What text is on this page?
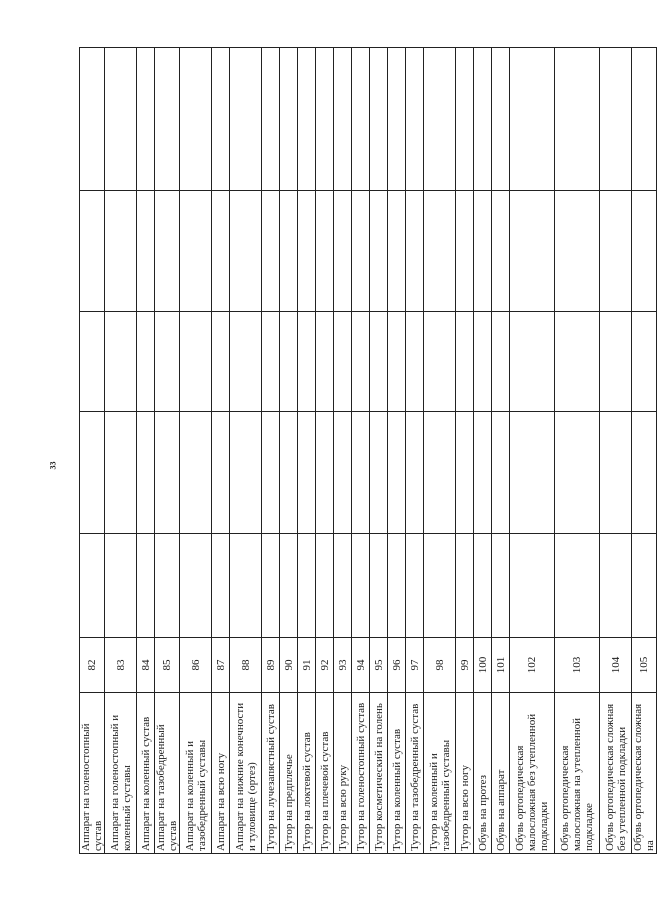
33
Аппарат на голеностопный сустав	82					
Аппарат на голеностопный и коленный суставы	83					
Аппарат на коленный сустав	84					
Аппарат на тазобедренный сустав	85					
Аппарат на коленный и тазобедренный суставы	86					
Аппарат на всю ногу	87					
Аппарат на нижние конечности и туловище (ортез)	88					
Тутор на лучезапястный сустав	89					
Тутор на предплечье	90					
Тутор на локтевой сустав	91					
Тутор на плечевой сустав	92					
Тутор на всю руку	93					
Тутор на голеностопный сустав	94					
Тутор косметический на голень	95					
Тутор на коленный сустав	96					
Тутор на тазобедренный сустав	97					
Тутор на коленный и тазобедренный суставы	98					
Тутор на всю ногу	99					
Обувь на протез	100					
Обувь на аппарат	101					
Обувь ортопедическая малосложная без утепленной подкладки	102					
Обувь ортопедическая малосложная на утепленной подкладке	103					
Обувь ортопедическая сложная без утепленной подкладки	104					
Обувь ортопедическая сложная на	105					
